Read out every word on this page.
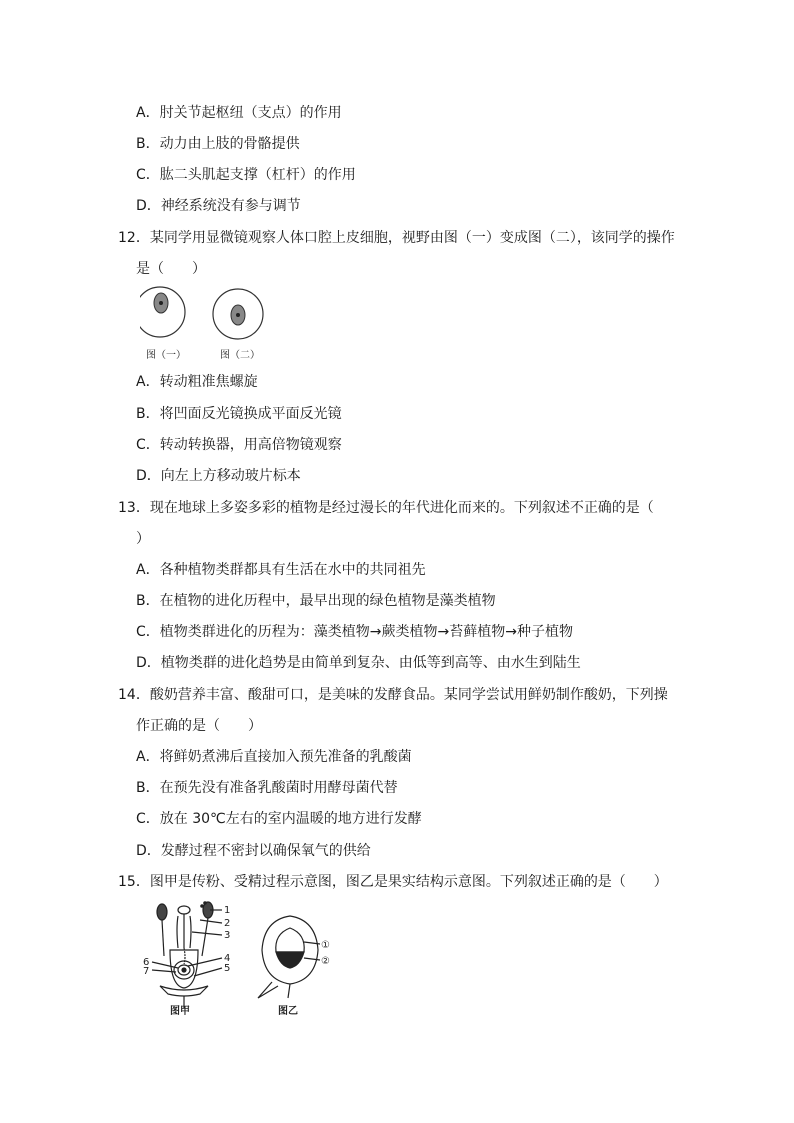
A．肘关节起枢纽（支点）的作用
B．动力由上肢的骨骼提供
C．肱二头肌起支撑（杠杆）的作用
D．神经系统没有参与调节
12．某同学用显微镜观察人体口腔上皮细胞，视野由图（一）变成图（二），该同学的操作
是（　　）
图（一）	图（二）
A．转动粗准焦螺旋
B．将凹面反光镜换成平面反光镜
C．转动转换器，用高倍物镜观察
D．向左上方移动玻片标本
13．现在地球上多姿多彩的植物是经过漫长的年代进化而来的。下列叙述不正确的是（
）
A．各种植物类群都具有生活在水中的共同祖先
B．在植物的进化历程中，最早出现的绿色植物是藻类植物
C．植物类群进化的历程为：藻类植物→蕨类植物→苔藓植物→种子植物
D．植物类群的进化趋势是由简单到复杂、由低等到高等、由水生到陆生
14．酸奶营养丰富、酸甜可口，是美味的发酵食品。某同学尝试用鲜奶制作酸奶，下列操
作正确的是（　　）
A．将鲜奶煮沸后直接加入预先准备的乳酸菌
B．在预先没有准备乳酸菌时用酵母菌代替
C．放在 30℃左右的室内温暖的地方进行发酵
D．发酵过程不密封以确保氧气的供给
15．图甲是传粉、受精过程示意图，图乙是果实结构示意图。下列叙述正确的是（　　）
1
2
3
4
5
6
7
图甲
①
②
图乙
